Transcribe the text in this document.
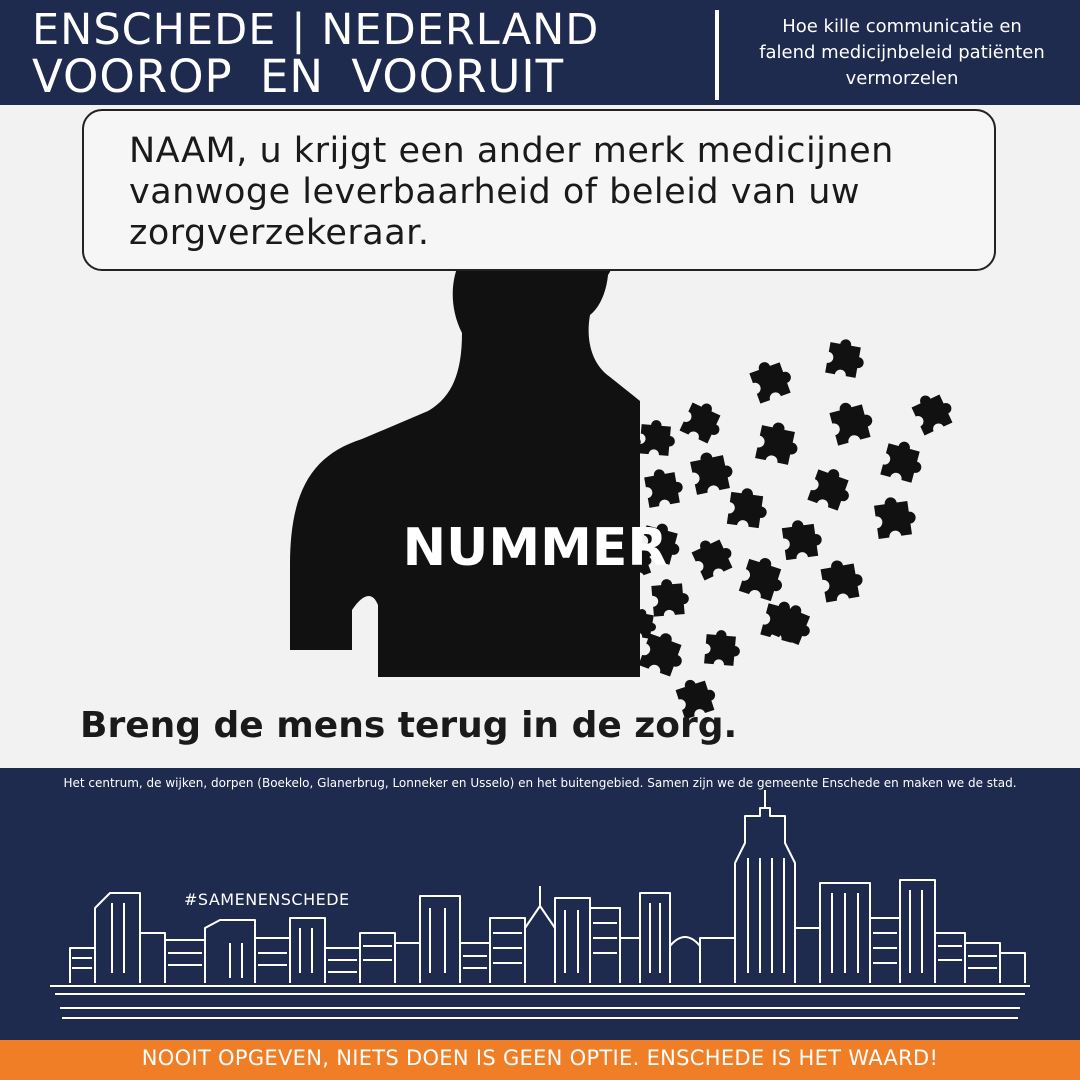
ENSCHEDE | NEDERLAND
VOOROP EN VOORUIT
Hoe kille communicatie en falend medicijnbeleid patiënten vermorzelen
NUMMER
NAAM, u krijgt een ander merk medicijnen vanwoge leverbaarheid of beleid van uw zorgverzekeraar.
Breng de mens terug in de zorg.
Het centrum, de wijken, dorpen (Boekelo, Glanerbrug, Lonneker en Usselo) en het buitengebied. Samen zijn we de gemeente Enschede en maken we de stad.
#SAMENENSCHEDE
NOOIT OPGEVEN, NIETS DOEN IS GEEN OPTIE. ENSCHEDE IS HET WAARD!
